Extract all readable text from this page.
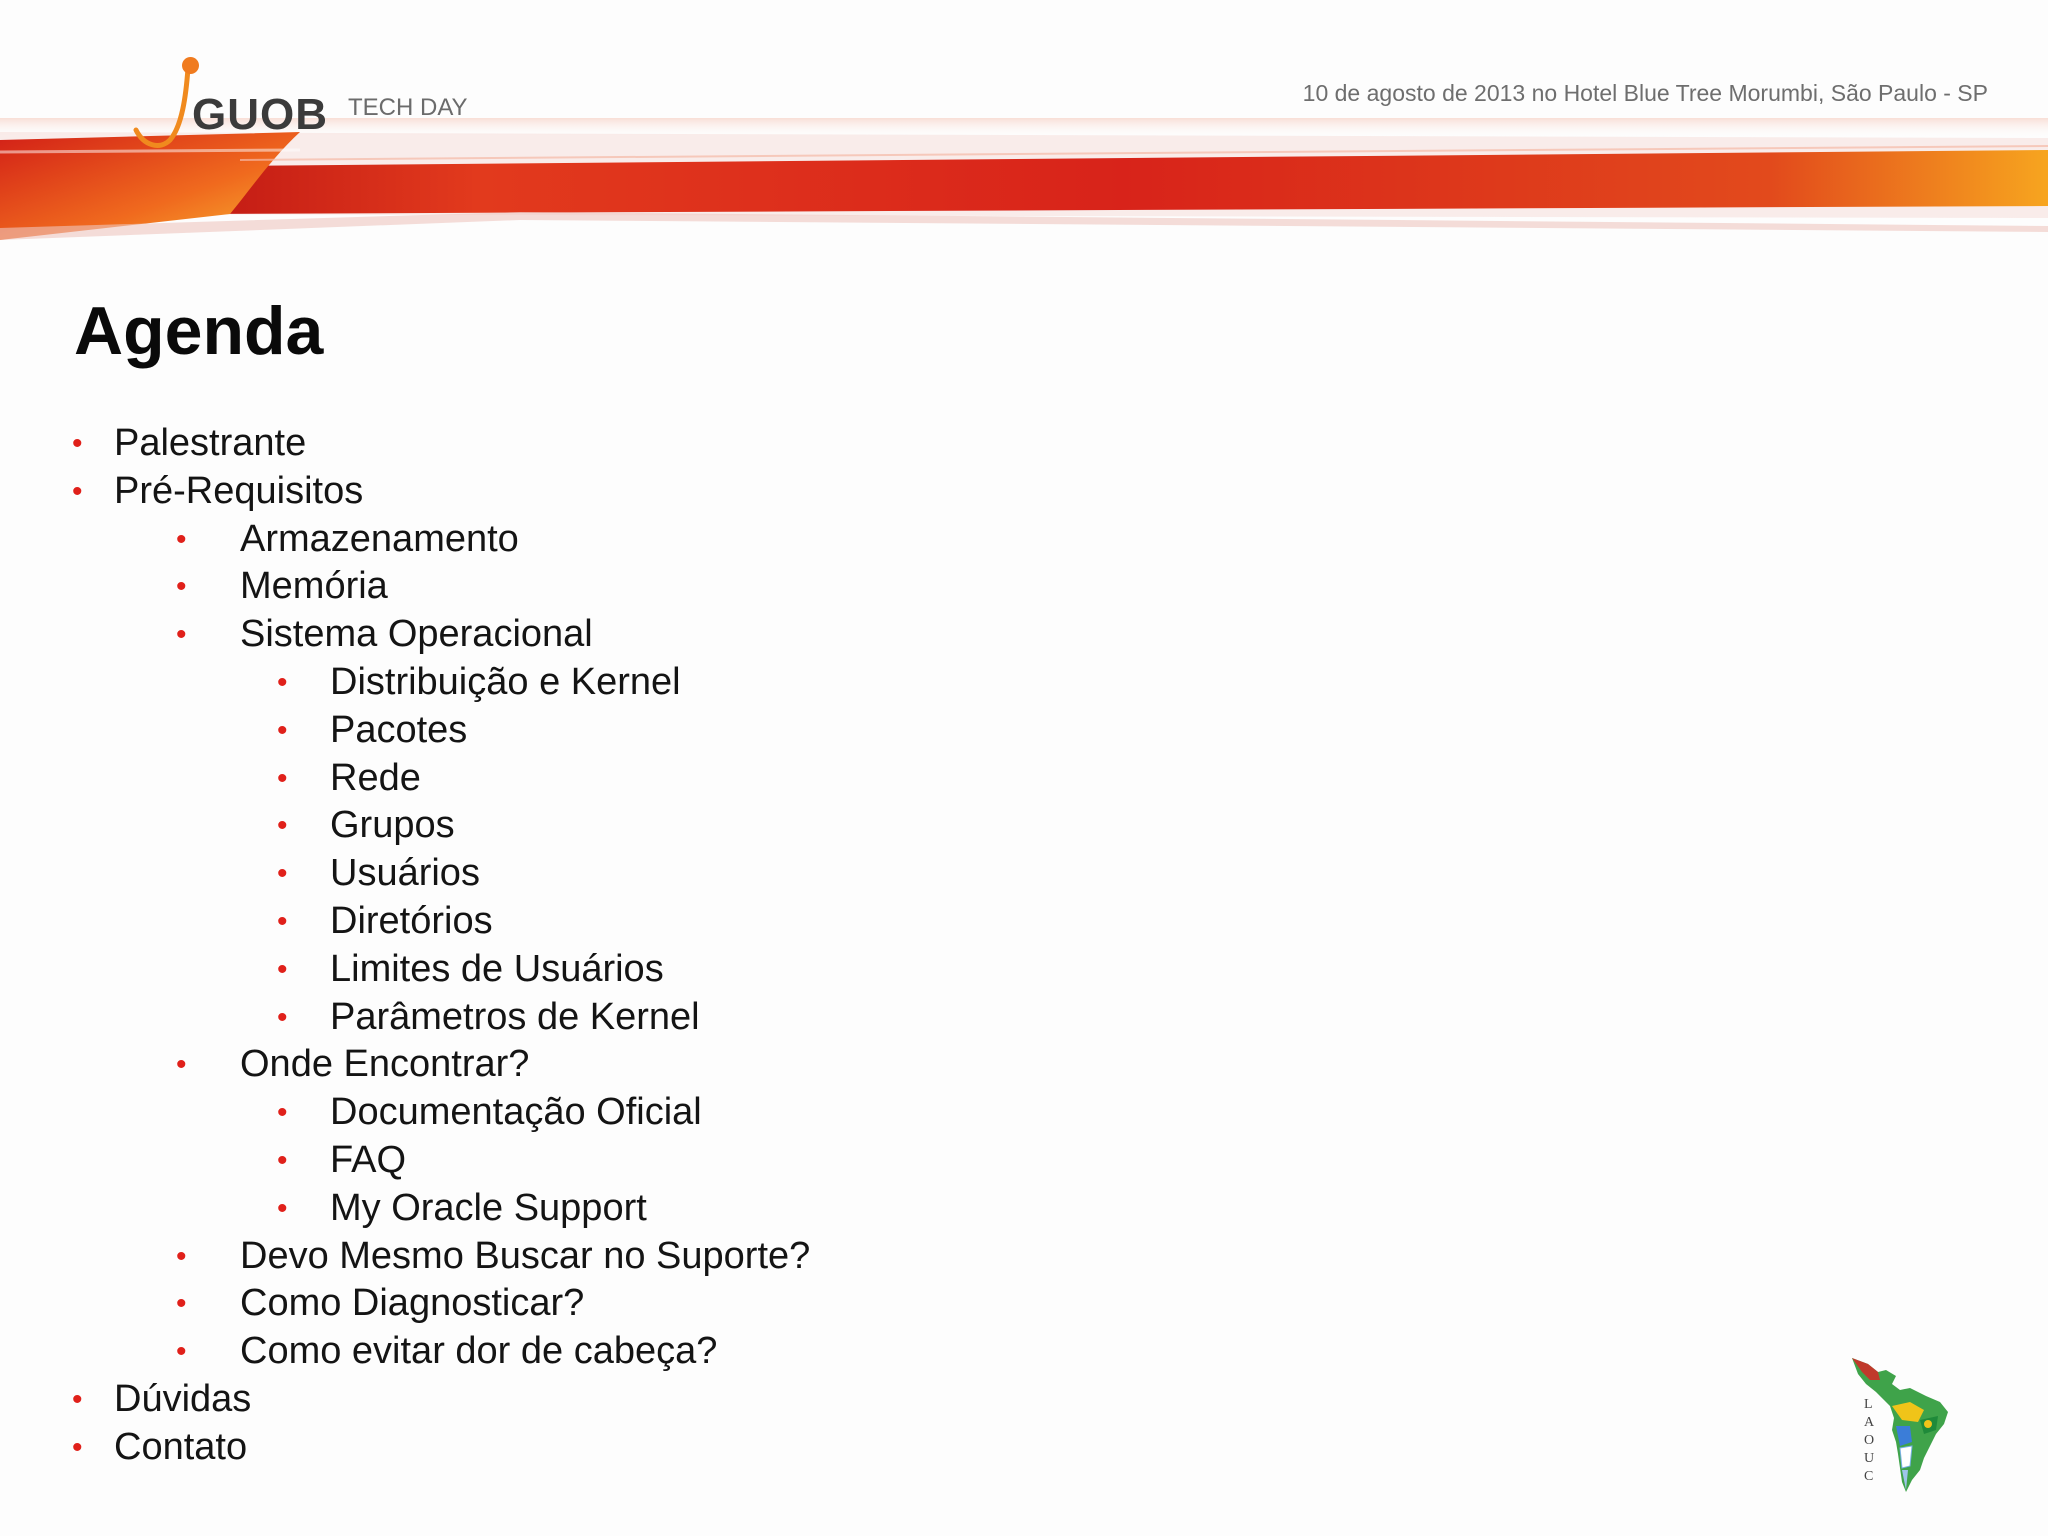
GUOB TECH DAY
10 de agosto de 2013 no Hotel Blue Tree Morumbi, São Paulo - SP
Agenda
• Palestrante
• Pré-Requisitos
• Armazenamento
• Memória
• Sistema Operacional
• Distribuição e Kernel
• Pacotes
• Rede
• Grupos
• Usuários
• Diretórios
• Limites de Usuários
• Parâmetros de Kernel
• Onde Encontrar?
• Documentação Oficial
• FAQ
• My Oracle Support
• Devo Mesmo Buscar no Suporte?
• Como Diagnosticar?
• Como evitar dor de cabeça?
• Dúvidas
• Contato
L
A
O
U
C
